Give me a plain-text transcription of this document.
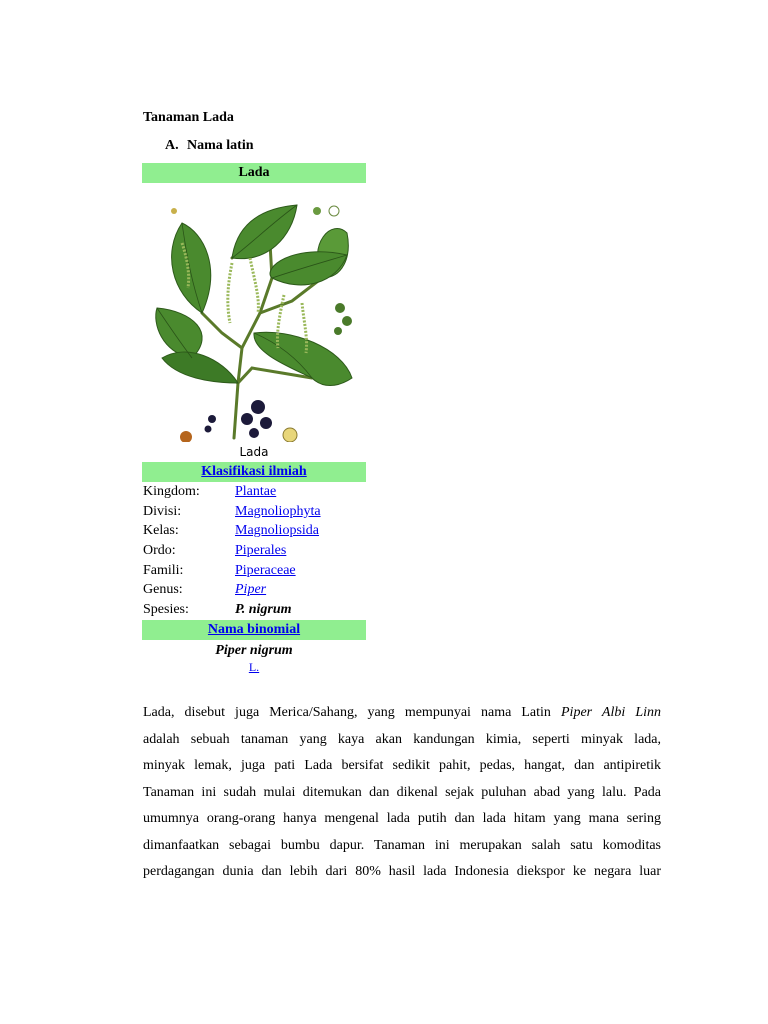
Tanaman Lada
A. Nama latin
Lada
Lada
Klasifikasi ilmiah
Kingdom:	Plantae
Divisi:	Magnoliophyta
Kelas:	Magnoliopsida
Ordo:	Piperales
Famili:	Piperaceae
Genus:	Piper
Spesies:	P. nigrum
Nama binomial
Piper nigrum
L.
Lada, disebut juga Merica/Sahang, yang mempunyai nama Latin Piper Albi Linn
adalah sebuah tanaman yang kaya akan kandungan kimia, seperti minyak lada,
minyak lemak, juga pati Lada bersifat sedikit pahit, pedas, hangat, dan antipiretik
Tanaman ini sudah mulai ditemukan dan dikenal sejak puluhan abad yang lalu. Pada
umumnya orang-orang hanya mengenal lada putih dan lada hitam yang mana sering
dimanfaatkan sebagai bumbu dapur. Tanaman ini merupakan salah satu komoditas
perdagangan dunia dan lebih dari 80% hasil lada Indonesia diekspor ke negara luar
